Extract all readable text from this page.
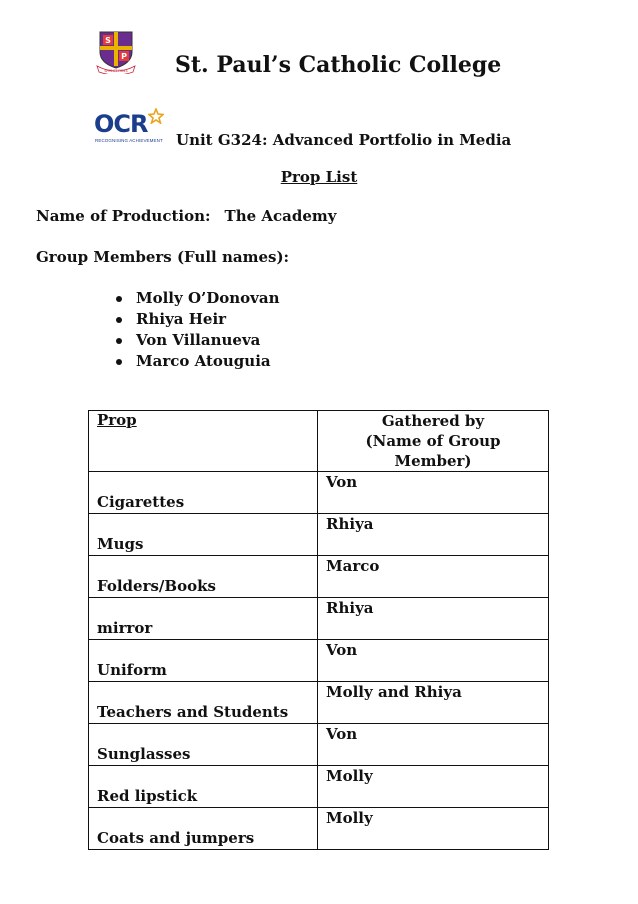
S
P
SPES ET FIDES St. Paul’s Catholic College
OCR
RECOGNISING ACHIEVEMENT Unit G324: Advanced Portfolio in Media
Prop List
Name of Production: The Academy
Group Members (Full names):
Molly O’Donovan
Rhiya Heir
Von Villanueva
Marco Atouguia
Prop	Gathered by
(Name of Group Member)

Cigarettes	Von
Mugs	Rhiya
Folders/Books	Marco
mirror	Rhiya
Uniform	Von
Teachers and Students	Molly and Rhiya
Sunglasses	Von
Red lipstick	Molly
Coats and jumpers	Molly
